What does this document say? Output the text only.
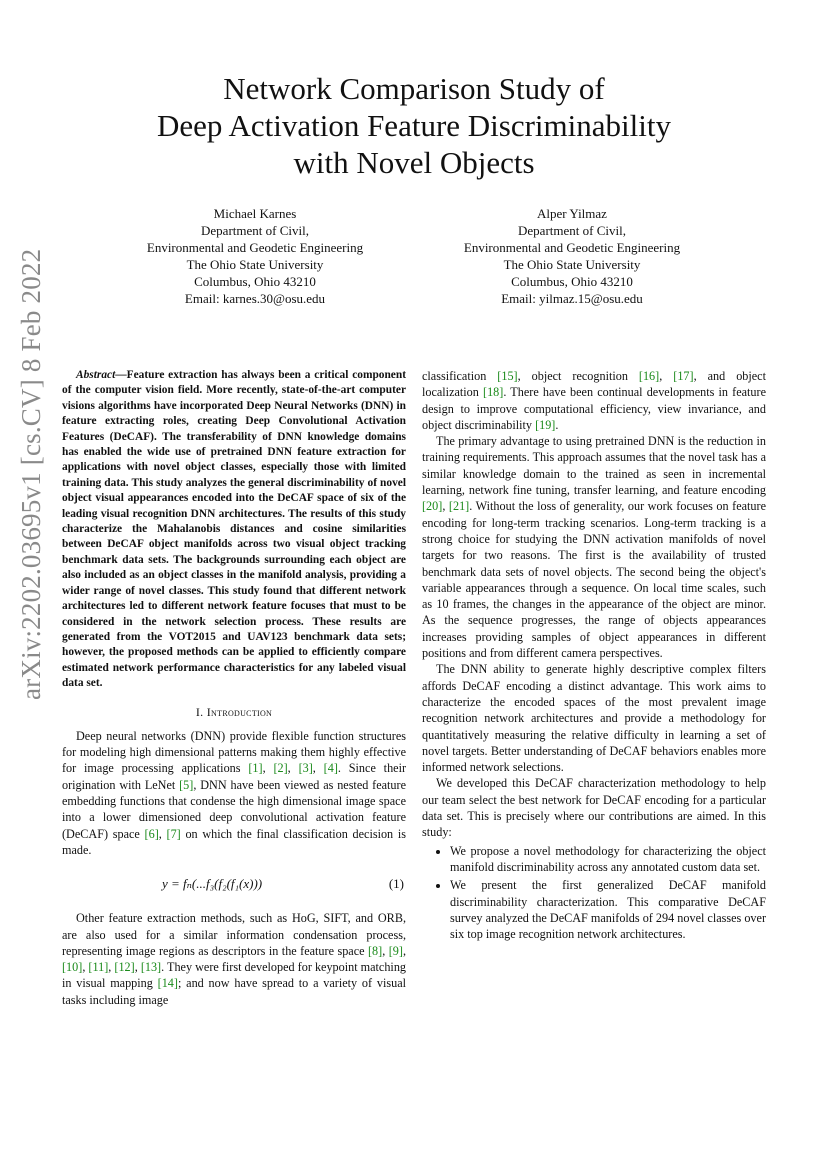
Network Comparison Study of
Deep Activation Feature Discriminability
with Novel Objects
Michael Karnes
Department of Civil,
Environmental and Geodetic Engineering
The Ohio State University
Columbus, Ohio 43210
Email: karnes.30@osu.edu
Alper Yilmaz
Department of Civil,
Environmental and Geodetic Engineering
The Ohio State University
Columbus, Ohio 43210
Email: yilmaz.15@osu.edu
arXiv:2202.03695v1 [cs.CV] 8 Feb 2022	Abstract—Feature extraction has always been a critical component of the computer vision field. More recently, state-of-the-art computer visions algorithms have incorporated Deep Neural Networks (DNN) in feature extracting roles, creating Deep Convolutional Activation Features (DeCAF). The transferability of DNN knowledge domains has enabled the wide use of pretrained DNN feature extraction for applications with novel object classes, especially those with limited training data. This study analyzes the general discriminability of novel object visual appearances encoded into the DeCAF space of six of the leading visual recognition DNN architectures. The results of this study characterize the Mahalanobis distances and cosine similarities between DeCAF object manifolds across two visual object tracking benchmark data sets. The backgrounds surrounding each object are also included as an object classes in the manifold analysis, providing a wider range of novel classes. This study found that different network architectures led to different network feature focuses that must to be considered in the network selection process. These results are generated from the VOT2015 and UAV123 benchmark data sets; however, the proposed methods can be applied to efficiently compare estimated network performance characteristics for any labeled visual data set.

I. Introduction

Deep neural networks (DNN) provide flexible function structures for modeling high dimensional patterns making them highly effective for image processing applications [1], [2], [3], [4]. Since their origination with LeNet [5], DNN have been viewed as nested feature embedding functions that condense the high dimensional image space into a lower dimensioned deep convolutional activation feature (DeCAF) space [6], [7] on which the final classification decision is made.

y = fₙ(...f₃(f₂(f₁(x)))	(1)

Other feature extraction methods, such as HoG, SIFT, and ORB, are also used for a similar information condensation process, representing image regions as descriptors in the feature space [8], [9], [10], [11], [12], [13]. They were first developed for keypoint matching in visual mapping [14]; and now have spread to a variety of visual tasks including image

classification [15], object recognition [16], [17], and object localization [18]. There have been continual developments in feature design to improve computational efficiency, view invariance, and object discriminability [19].

The primary advantage to using pretrained DNN is the reduction in training requirements. This approach assumes that the novel task has a similar knowledge domain to the trained as seen in incremental learning, network fine tuning, transfer learning, and feature encoding [20], [21]. Without the loss of generality, our work focuses on feature encoding for long-term tracking scenarios. Long-term tracking is a strong choice for studying the DNN activation manifolds of novel targets for two reasons. The first is the availability of trusted benchmark data sets of novel objects. The second being the object's variable appearances through a sequence. On local time scales, such as 10 frames, the changes in the appearance of the object are minor. As the sequence progresses, the range of objects appearances increases providing samples of object appearances in different positions and from different camera perspectives.

The DNN ability to generate highly descriptive complex filters affords DeCAF encoding a distinct advantage. This work aims to characterize the encoded spaces of the most prevalent image recognition network architectures and provide a methodology for quantitatively measuring the relative difficulty in learning a set of novel targets. Better understanding of DeCAF behaviors enables more informed network selections.

We developed this DeCAF characterization methodology to help our team select the best network for DeCAF encoding for a particular data set. This is precisely where our contributions are aimed. In this study:

• We propose a novel methodology for characterizing the object manifold discriminability across any annotated custom data set.
• We present the first generalized DeCAF manifold discriminability characterization. This comparative DeCAF survey analyzed the DeCAF manifolds of 294 novel classes over six top image recognition network architectures.
